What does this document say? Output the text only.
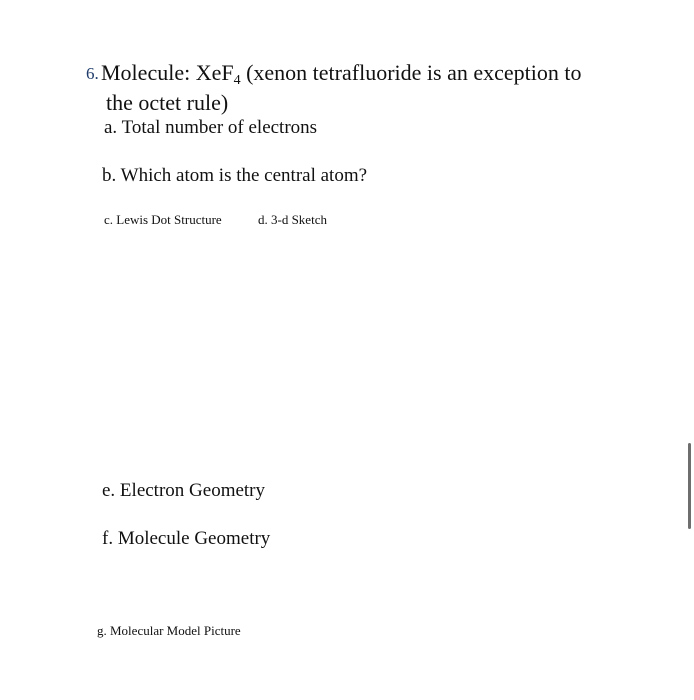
6. Molecule: XeF$_4$ (xenon tetrafluoride is an exception to
the octet rule)
a. Total number of electrons
b. Which atom is the central atom?
c. Lewis Dot Structure	d. 3-d Sketch
e. Electron Geometry
f. Molecule Geometry
g. Molecular Model Picture
